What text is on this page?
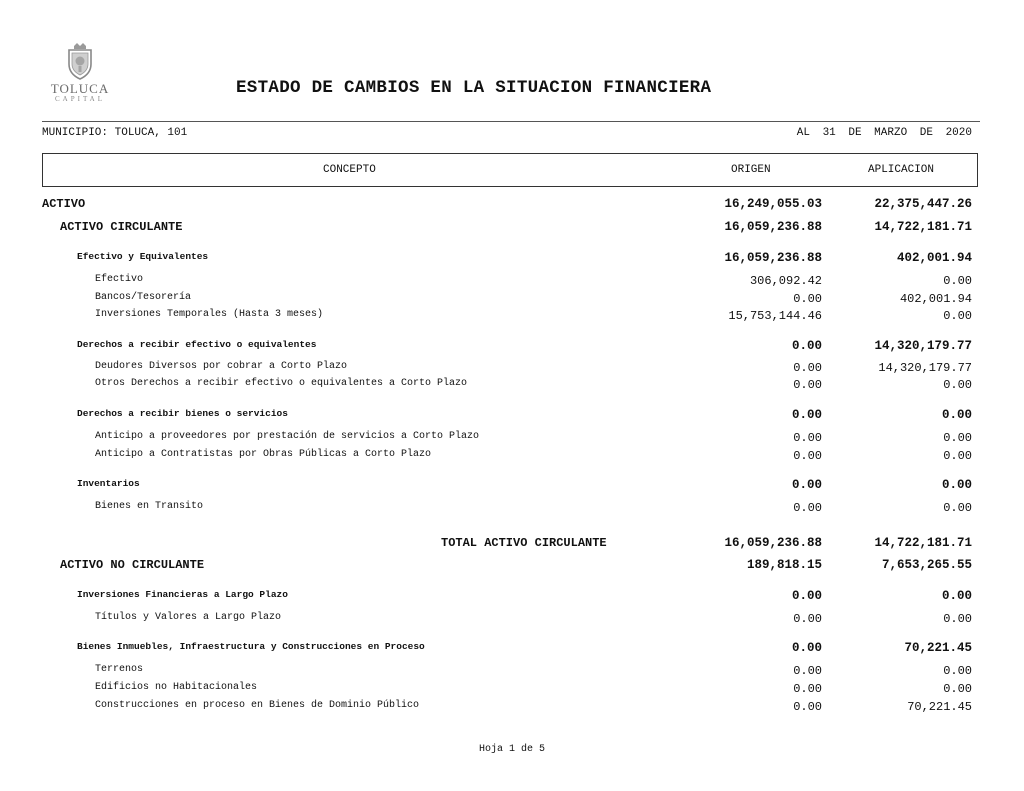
TOLUCA
CAPITAL
ESTADO DE CAMBIOS EN LA SITUACION FINANCIERA
MUNICIPIO: TOLUCA, 101	AL 31 DE MARZO DE 2020
CONCEPTO	ORIGEN	APLICACION
ACTIVO	16,249,055.03	22,375,447.26
ACTIVO CIRCULANTE	16,059,236.88	14,722,181.71
Efectivo y Equivalentes	16,059,236.88	402,001.94
Efectivo	306,092.42	0.00
Bancos/Tesorería	0.00	402,001.94
Inversiones Temporales (Hasta 3 meses)	15,753,144.46	0.00
Derechos a recibir efectivo o equivalentes	0.00	14,320,179.77
Deudores Diversos por cobrar a Corto Plazo	0.00	14,320,179.77
Otros Derechos a recibir efectivo o equivalentes a Corto Plazo	0.00	0.00
Derechos a recibir bienes o servicios	0.00	0.00
Anticipo a proveedores por prestación de servicios a Corto Plazo	0.00	0.00
Anticipo a Contratistas por Obras Públicas a Corto Plazo	0.00	0.00
Inventarios	0.00	0.00
Bienes en Transito	0.00	0.00
TOTAL ACTIVO CIRCULANTE	16,059,236.88	14,722,181.71
ACTIVO NO CIRCULANTE	189,818.15	7,653,265.55
Inversiones Financieras a Largo Plazo	0.00	0.00
Títulos y Valores a Largo Plazo	0.00	0.00
Bienes Inmuebles, Infraestructura y Construcciones en Proceso	0.00	70,221.45
Terrenos	0.00	0.00
Edificios no Habitacionales	0.00	0.00
Construcciones en proceso en Bienes de Dominio Público	0.00	70,221.45
Hoja 1 de 5
